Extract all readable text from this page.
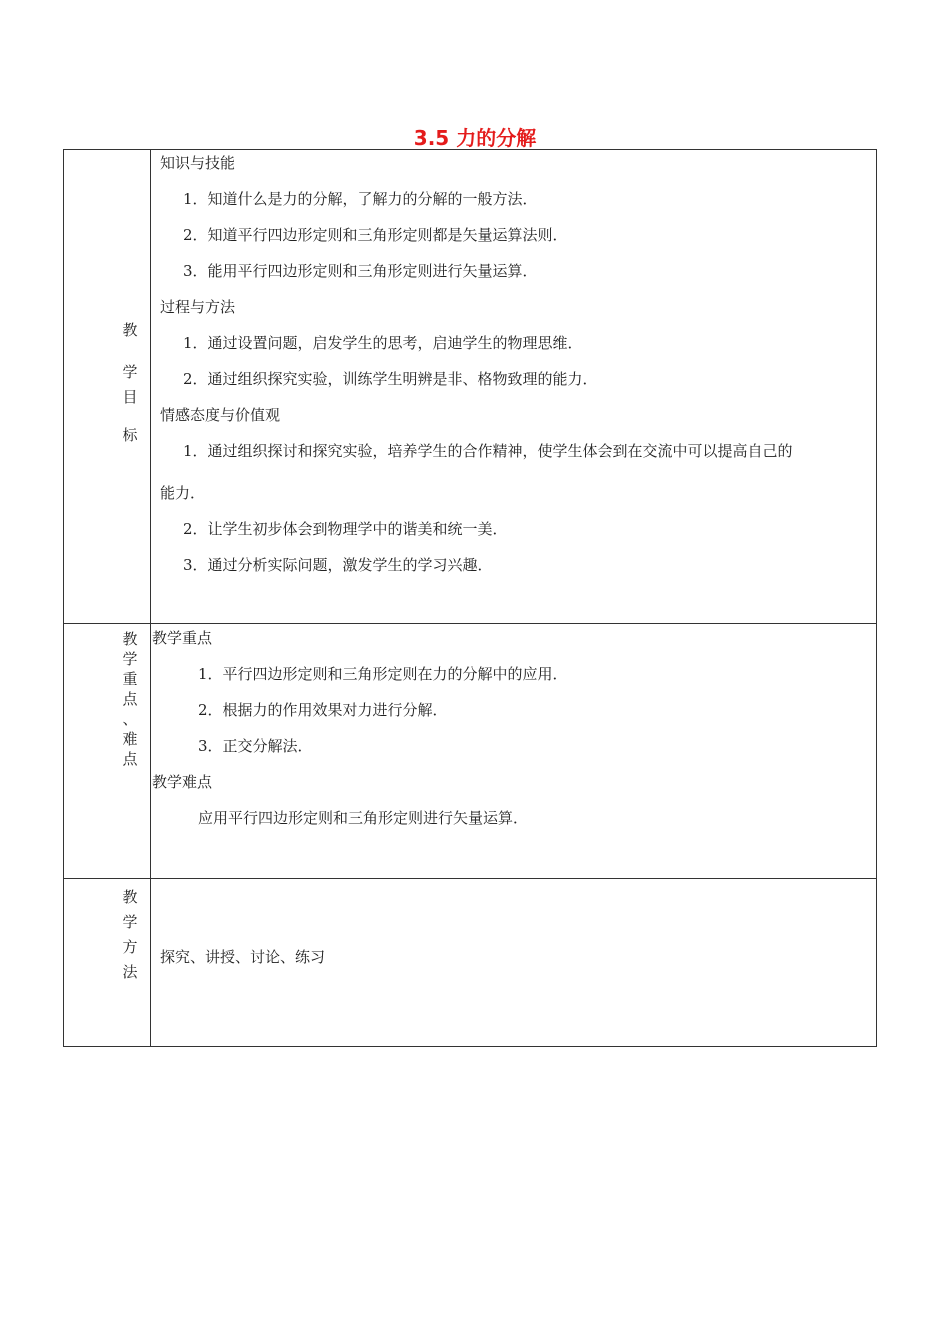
3.5 力的分解
教
学
目
标
知识与技能
1．知道什么是力的分解，了解力的分解的一般方法．
2．知道平行四边形定则和三角形定则都是矢量运算法则．
3．能用平行四边形定则和三角形定则进行矢量运算．
过程与方法
1．通过设置问题，启发学生的思考，启迪学生的物理思维．
2．通过组织探究实验，训练学生明辨是非、格物致理的能力．
情感态度与价值观
1．通过组织探讨和探究实验，培养学生的合作精神，使学生体会到在交流中可以提高自己的
能力．
2．让学生初步体会到物理学中的谐美和统一美．
3．通过分析实际问题，激发学生的学习兴趣．
教
学
重
点
、
难
点
教学重点
1．平行四边形定则和三角形定则在力的分解中的应用．
2．根据力的作用效果对力进行分解．
3．正交分解法．
教学难点
应用平行四边形定则和三角形定则进行矢量运算．
教
学
方
法
探究、讲授、讨论、练习
